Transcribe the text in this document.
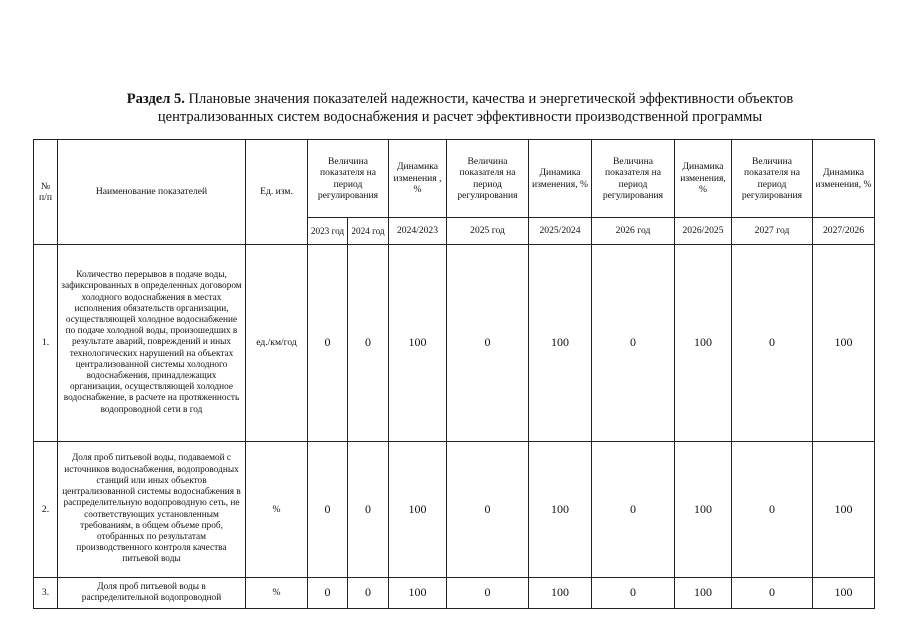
Раздел 5. Плановые значения показателей надежности, качества и энергетической эффективности объектов
централизованных систем водоснабжения и расчет эффективности производственной программы
№ п/п	Наименование показателей	Ед. изм.	Величина показателя на период регулирования		Динамика изменения , %	Величина показателя на период регулирования	Динамика изменения, %	Величина показателя на период регулирования	Динамика изменения, %	Величина показателя на период регулирования	Динамика изменения, %
			2023 год	2024 год	2024/2023	2025 год	2025/2024	2026 год	2026/2025	2027 год	2027/2026
1.	Количество перерывов в подаче воды, зафиксированных в определенных договором холодного водоснабжения в местах исполнения обязательств организации, осуществляющей холодное водоснабжение по подаче холодной воды, произошедших в результате аварий, повреждений и иных технологических нарушений на объектах централизованной системы холодного водоснабжения, принадлежащих организации, осуществляющей холодное водоснабжение, в расчете на протяженность водопроводной сети в год	ед./км/год	0	0	100	0	100	0	100	0	100
2.	Доля проб питьевой воды, подаваемой с источников водоснабжения, водопроводных станций или иных объектов централизованной системы водоснабжения в распределительную водопроводную сеть, не соответствующих установленным требованиям, в общем объеме проб, отобранных по результатам производственного контроля качества питьевой воды	%	0	0	100	0	100	0	100	0	100
3.	Доля проб питьевой воды в распределительной водопроводной	%	0	0	100	0	100	0	100	0	100
